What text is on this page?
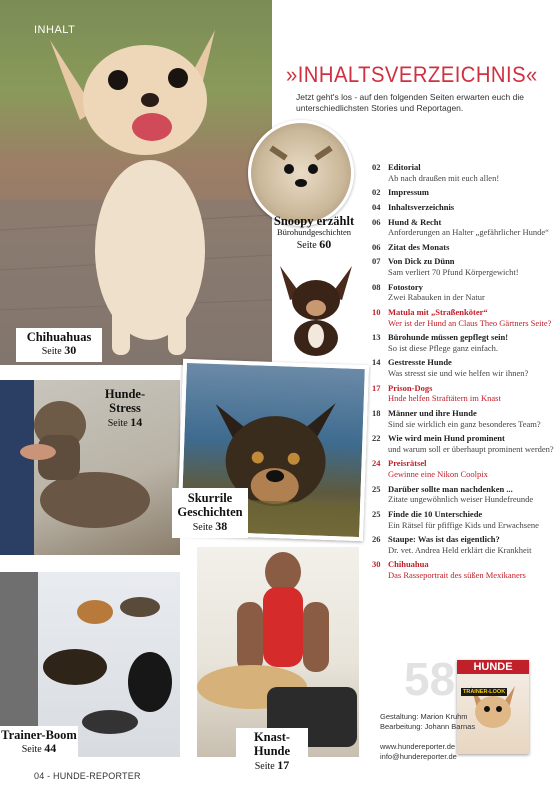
INHALT
Chihuahuas
Seite 30
Hunde-Stress
Seite 14
Skurrile Geschichten
Seite 38
Trainer-Boom
Seite 44
Knast-Hunde
Seite 17
»INHALTSVERZEICHNIS«
Jetzt geht's los - auf den folgenden Seiten erwarten euch die unterschiedlichsten Stories und Reportagen.
Snoopy erzählt
Bürohundgeschichten
Seite 60
02 Editorial
Ab nach draußen mit euch allen!
02 Impressum
04 Inhaltsverzeichnis
06 Hund & Recht
Anforderungen an Halter „gefährlicher Hunde“
06 Zitat des Monats
07 Von Dick zu Dünn
Sam verliert 70 Pfund Körpergewicht!
08 Fotostory
Zwei Rabauken in der Natur
10 Matula mit „Straßenköter“
Wer ist der Hund an Claus Theo Gärtners Seite?
13 Bürohunde müssen gepflegt sein!
So ist diese Pflege ganz einfach.
14 Gestresste Hunde
Was stresst sie und wie helfen wir ihnen?
17 Prison-Dogs
Hnde helfen Straftätern im Knast
18 Männer und ihre Hunde
Sind sie wirklich ein ganz besonderes Team?
22 Wie wird mein Hund prominent
und warum soll er überhaupt prominent werden?
24 Preisrätsel
Gewinne eine Nikon Coolpix
25 Darüber sollte man nachdenken ...
Zitate ungewöhnlich weiser Hundefreunde
25 Finde die 10 Unterschiede
Ein Rätsel für pfiffige Kids und Erwachsene
26 Staupe: Was ist das eigentlich?
Dr. vet. Andrea Held erklärt die Krankheit
30 Chihuahua
Das Rasseportrait des süßen Mexikaners
58	HUNDE
TRAINER-LOOK
Gestaltung: Marion Kruhm
Bearbeitung: Johann Barnas
www.hundereporter.de
info@hundereporter.de
04 - HUNDE-REPORTER
